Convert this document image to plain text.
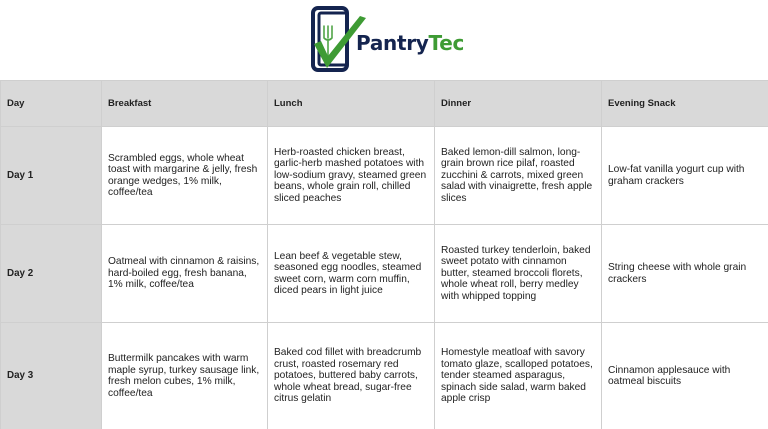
PantryTec
Day	Breakfast	Lunch	Dinner	Evening Snack
Day 1	Scrambled eggs, whole wheat toast with margarine & jelly, fresh orange wedges, 1% milk, coffee/tea	Herb-roasted chicken breast, garlic-herb mashed potatoes with low-sodium gravy, steamed green beans, whole grain roll, chilled sliced peaches	Baked lemon-dill salmon, long-grain brown rice pilaf, roasted zucchini & carrots, mixed green salad with vinaigrette, fresh apple slices	Low-fat vanilla yogurt cup with graham crackers
Day 2	Oatmeal with cinnamon & raisins, hard-boiled egg, fresh banana, 1% milk, coffee/tea	Lean beef & vegetable stew, seasoned egg noodles, steamed sweet corn, warm corn muffin, diced pears in light juice	Roasted turkey tenderloin, baked sweet potato with cinnamon butter, steamed broccoli florets, whole wheat roll, berry medley with whipped topping	String cheese with whole grain crackers
Day 3	Buttermilk pancakes with warm maple syrup, turkey sausage link, fresh melon cubes, 1% milk, coffee/tea	Baked cod fillet with breadcrumb crust, roasted rosemary red potatoes, buttered baby carrots, whole wheat bread, sugar-free citrus gelatin	Homestyle meatloaf with savory tomato glaze, scalloped potatoes, tender steamed asparagus, spinach side salad, warm baked apple crisp	Cinnamon applesauce with oatmeal biscuits
